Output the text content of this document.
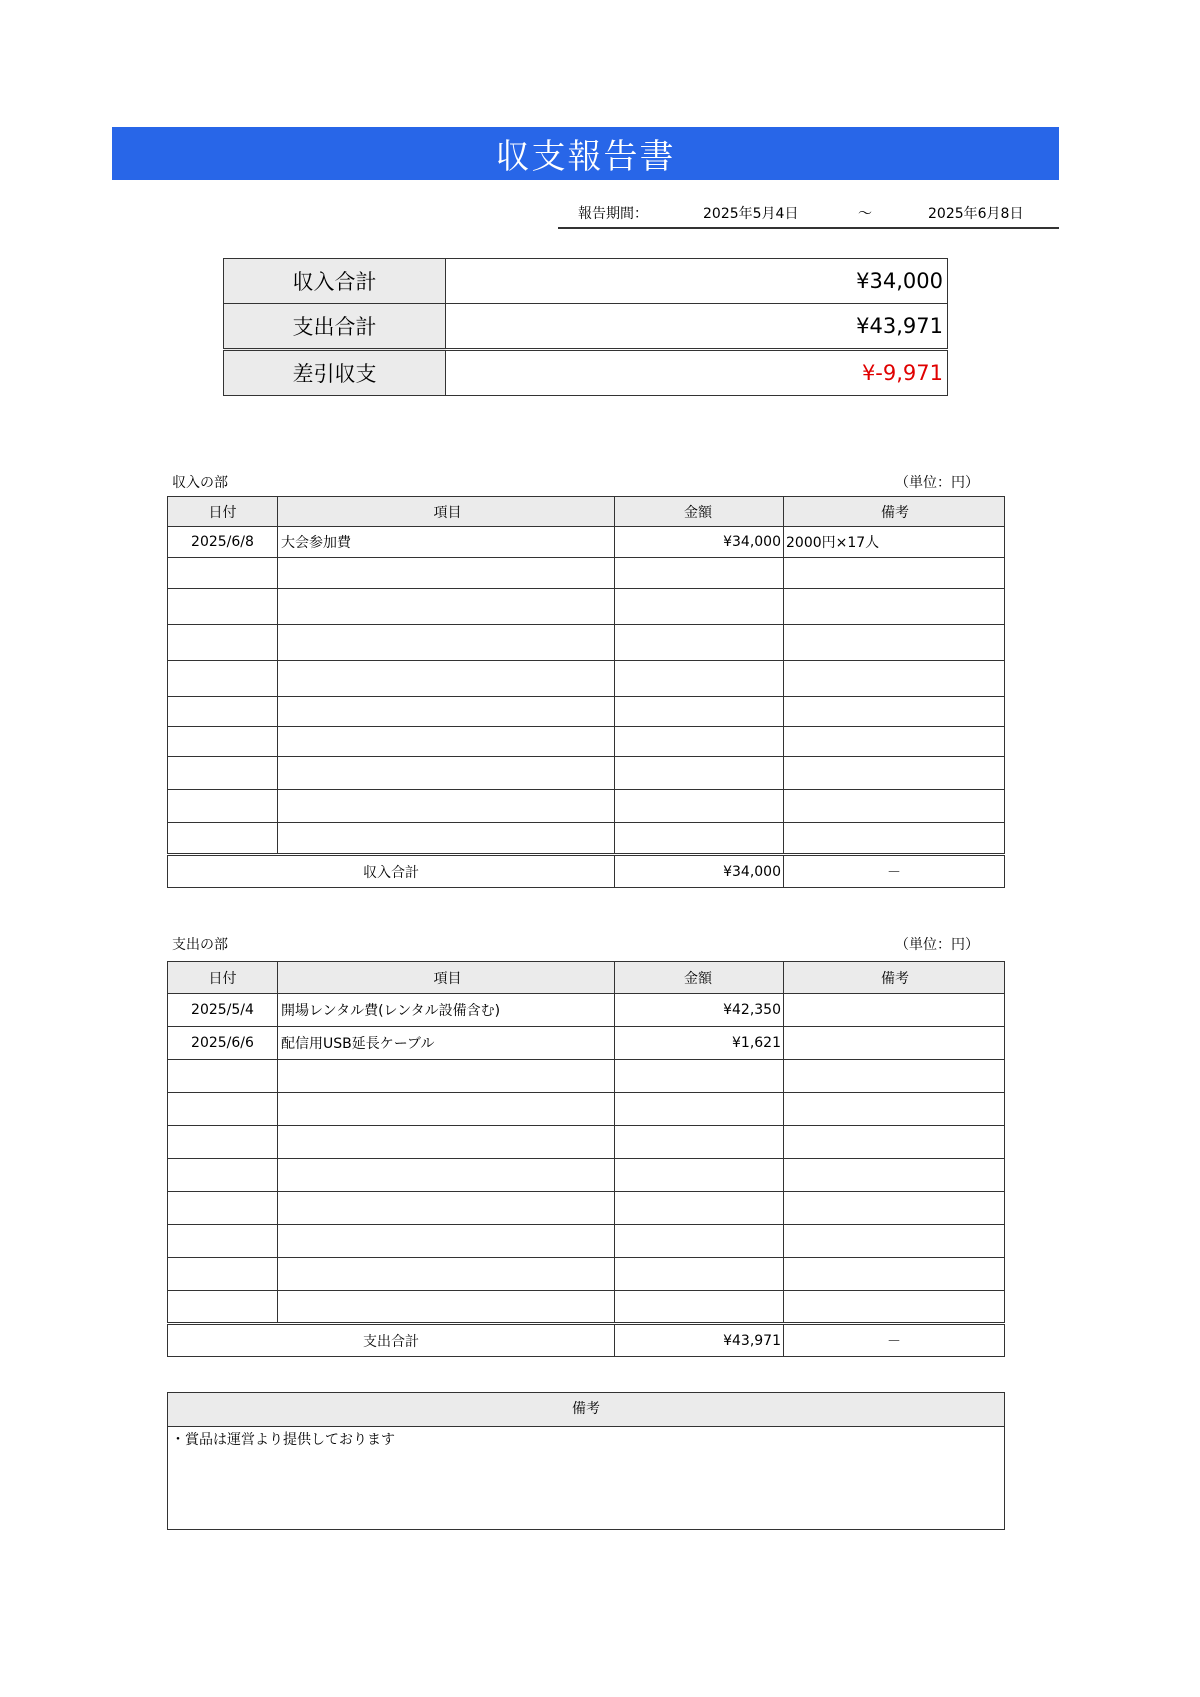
収支報告書
報告期間：	2025年5月4日	～	2025年6月8日
収入合計	¥34,000
支出合計	¥43,971
差引収支	¥-9,971
収入の部	（単位：円）
日付	項目	金額	備考
2025/6/8	大会参加費	¥34,000	2000円×17人

収入合計		¥34,000	－
支出の部	（単位：円）
日付	項目	金額	備考
2025/5/4	開場レンタル費(レンタル設備含む)	¥42,350	
2025/6/6	配信用USB延長ケーブル	¥1,621	

支出合計		¥43,971	－
備考
・賞品は運営より提供しております
